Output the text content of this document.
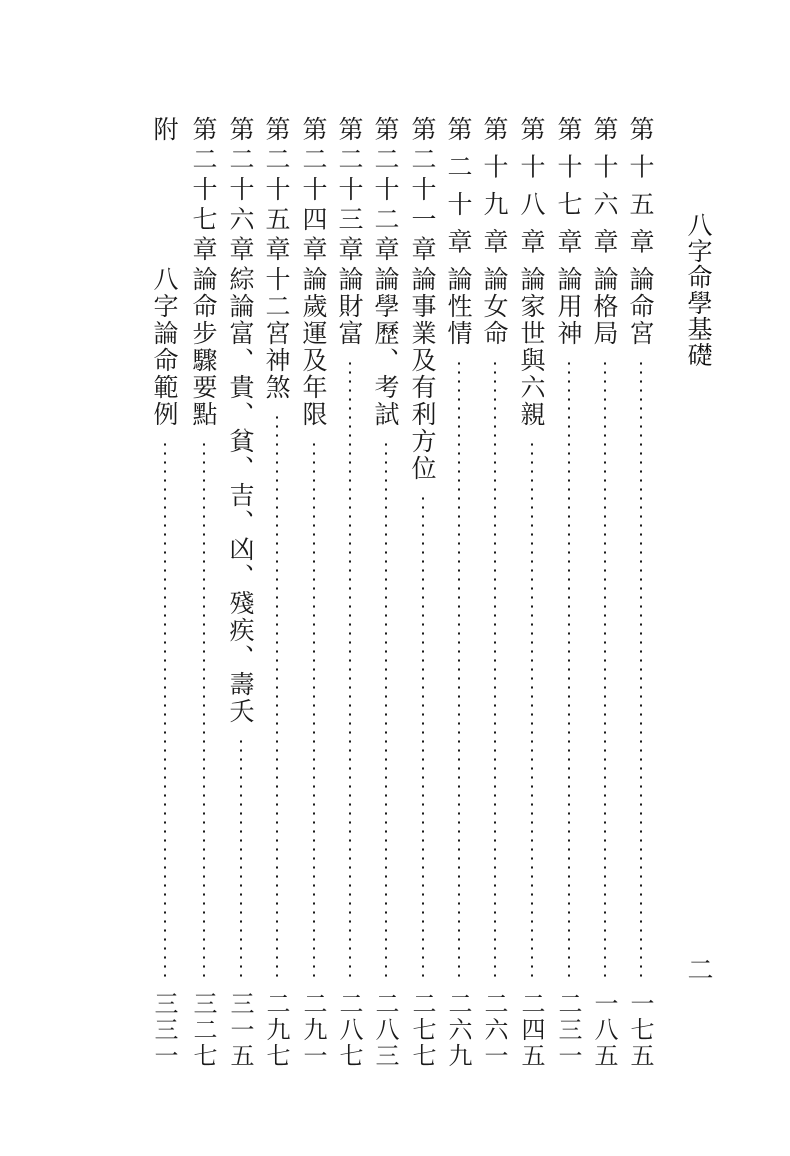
八字命學基礎
二
第十五章
論命宮
一七五
第十六章
論格局
一八五
第十七章
論用神
二三一
第十八章
論家世與六親
二四五
第十九章
論女命
二六一
第二十章
論性情
二六九
第二十一章
論事業及有利方位
二七七
第二十二章
論學歷、考試
二八三
第二十三章
論財富
二八七
第二十四章
論歲運及年限
二九一
第二十五章
十二宮神煞
二九七
第二十六章
綜論富、貴、貧、吉、凶、殘疾、壽夭
三一五
第二十七章
論命步驟要點
三二七
附
八字論命範例
三三一
